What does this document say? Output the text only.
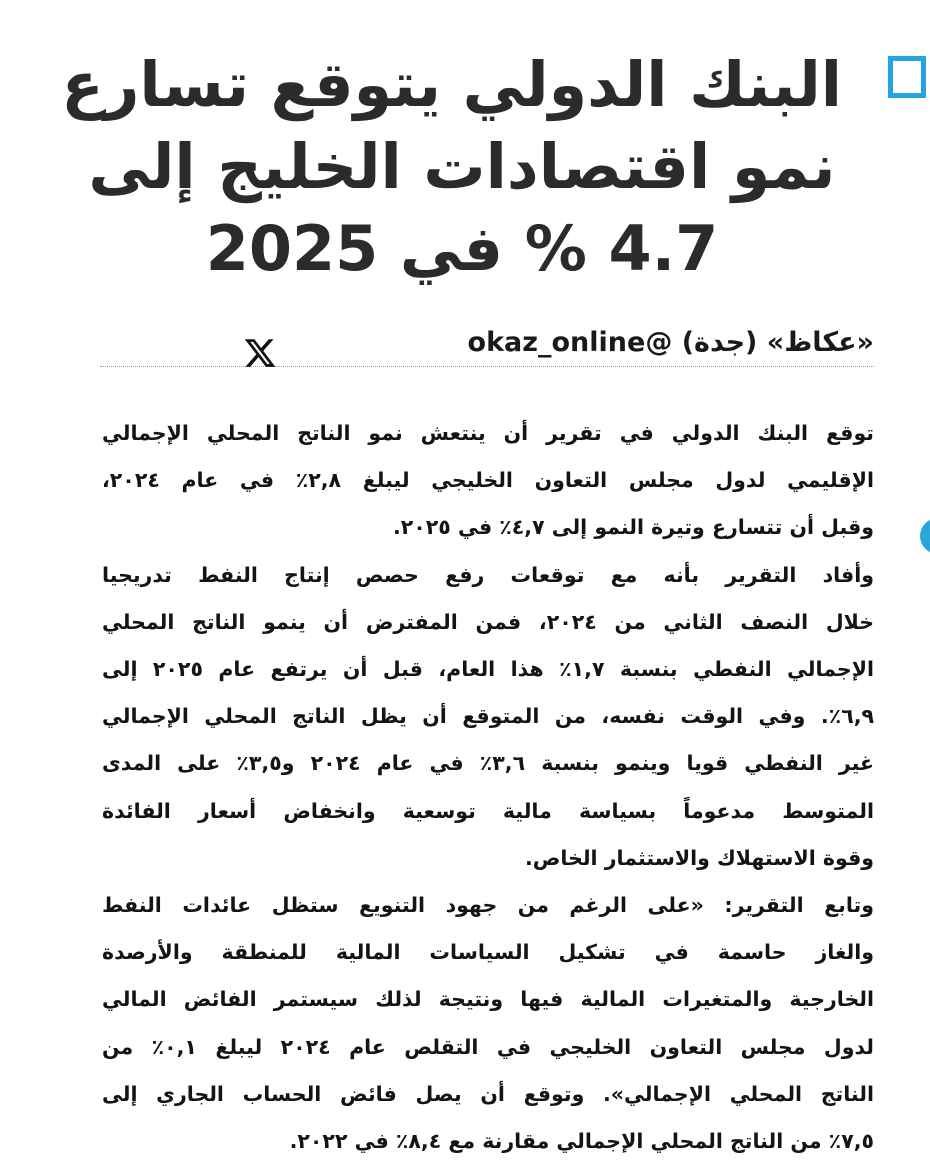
البنك الدولي يتوقع تسارع
نمو اقتصادات الخليج إلى
4.7 % في 2025
«عكاظ» (جدة) @okaz_online
توقع البنك الدولي في تقرير أن ينتعش نمو الناتج المحلي الإجمالي
الإقليمي لدول مجلس التعاون الخليجي ليبلغ ٢,٨٪ في عام ٢٠٢٤،
وقبل أن تتسارع وتيرة النمو إلى ٤,٧٪ في ٢٠٢٥.
وأفاد التقرير بأنه مع توقعات رفع حصص إنتاج النفط تدريجيا
خلال النصف الثاني من ٢٠٢٤، فمن المفترض أن ينمو الناتج المحلي
الإجمالي النفطي بنسبة ١,٧٪ هذا العام، قبل أن يرتفع عام ٢٠٢٥ إلى
٦,٩٪. وفي الوقت نفسه، من المتوقع أن يظل الناتج المحلي الإجمالي
غير النفطي قويا وينمو بنسبة ٣,٦٪ في عام ٢٠٢٤ و٣,٥٪ على المدى
المتوسط مدعوماً بسياسة مالية توسعية وانخفاض أسعار الفائدة
وقوة الاستهلاك والاستثمار الخاص.
وتابع التقرير: «على الرغم من جهود التنويع ستظل عائدات النفط
والغاز حاسمة في تشكيل السياسات المالية للمنطقة والأرصدة
الخارجية والمتغيرات المالية فيها ونتيجة لذلك سيستمر الفائض المالي
لدول مجلس التعاون الخليجي في التقلص عام ٢٠٢٤ ليبلغ ٠,١٪ من
الناتج المحلي الإجمالي». وتوقع أن يصل فائض الحساب الجاري إلى
٧,٥٪ من الناتج المحلي الإجمالي مقارنة مع ٨,٤٪ في ٢٠٢٢.
